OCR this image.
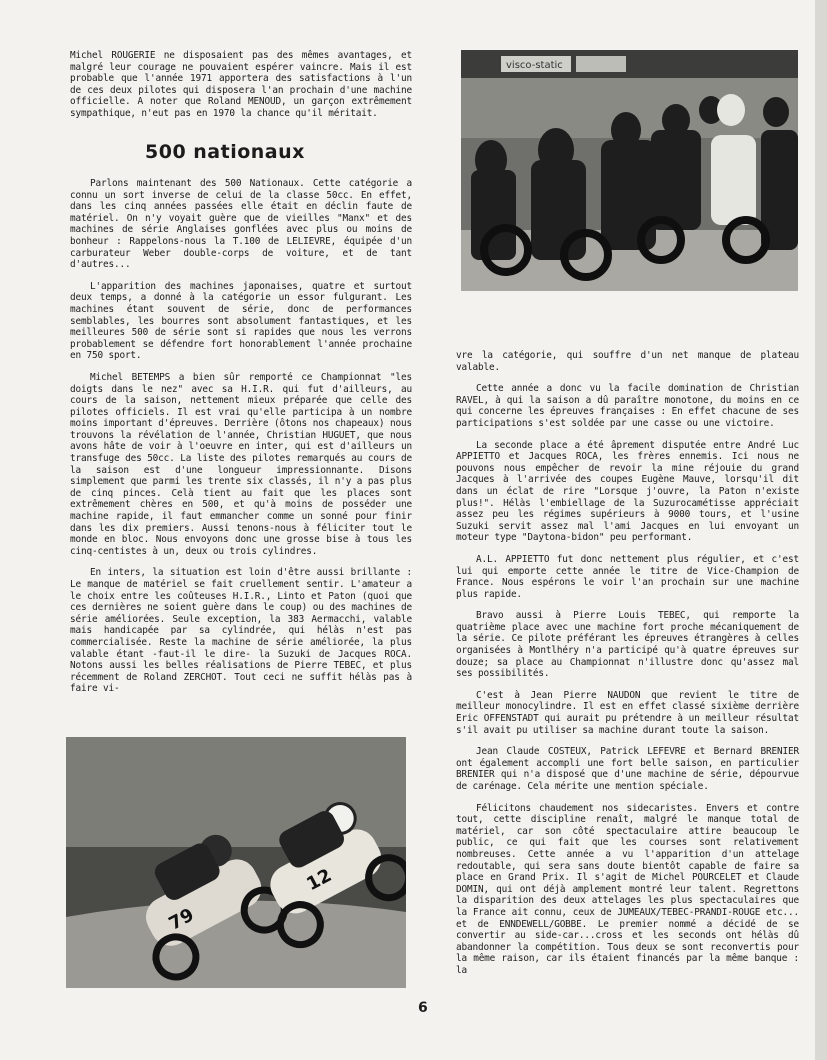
Michel ROUGERIE ne disposaient pas des mêmes avantages, et malgré leur courage ne pouvaient espérer vaincre. Mais il est probable que l'année 1971 apportera des satisfactions à l'un de ces deux pilotes qui disposera l'an prochain d'une machine officielle. A noter que Roland MENOUD, un garçon extrêmement sympathique, n'eut pas en 1970 la chance qu'il méritait.

500 nationaux

Parlons maintenant des 500 Nationaux. Cette catégorie a connu un sort inverse de celui de la classe 50cc. En effet, dans les cinq années passées elle était en déclin faute de matériel. On n'y voyait guère que de vieilles "Manx" et des machines de série Anglaises gonflées avec plus ou moins de bonheur : Rappelons-nous la T.100 de LELIEVRE, équipée d'un carburateur Weber double-corps de voiture, et de tant d'autres...

L'apparition des machines japonaises, quatre et surtout deux temps, a donné à la catégorie un essor fulgurant. Les machines étant souvent de série, donc de performances semblables, les bourres sont absolument fantastiques, et les meilleures 500 de série sont si rapides que nous les verrons probablement se défendre fort honorablement l'année prochaine en 750 sport.

Michel BETEMPS a bien sûr remporté ce Championnat "les doigts dans le nez" avec sa H.I.R. qui fut d'ailleurs, au cours de la saison, nettement mieux préparée que celle des pilotes officiels. Il est vrai qu'elle participa à un nombre moins important d'épreuves. Derrière (ôtons nos chapeaux) nous trouvons la révélation de l'année, Christian HUGUET, que nous avons hâte de voir à l'oeuvre en inter, qui est d'ailleurs un transfuge des 50cc. La liste des pilotes remarqués au cours de la saison est d'une longueur impressionnante. Disons simplement que parmi les trente six classés, il n'y a pas plus de cinq pinces. Celà tient au fait que les places sont extrêmement chères en 500, et qu'à moins de posséder une machine rapide, il faut emmancher comme un sonné pour finir dans les dix premiers. Aussi tenons-nous à féliciter tout le monde en bloc. Nous envoyons donc une grosse bise à tous les cinq-centistes à un, deux ou trois cylindres.

En inters, la situation est loin d'être aussi brillante : Le manque de matériel se fait cruellement sentir. L'amateur a le choix entre les coûteuses H.I.R., Linto et Paton (quoi que ces dernières ne soient guère dans le coup) ou des machines de série améliorées. Seule exception, la 383 Aermacchi, valable mais handicapée par sa cylindrée, qui hélàs n'est pas commercialisée. Reste la machine de série améliorée, la plus valable étant -faut-il le dire- la Suzuki de Jacques ROCA. Notons aussi les belles réalisations de Pierre TEBEC, et plus récemment de Roland ZERCHOT. Tout ceci ne suffit hélàs pas à faire vi-

visco-static

vre la catégorie, qui souffre d'un net manque de plateau valable.

Cette année a donc vu la facile domination de Christian RAVEL, à qui la saison a dû paraître monotone, du moins en ce qui concerne les épreuves françaises : En effet chacune de ses participations s'est soldée par une casse ou une victoire.

La seconde place a été âprement disputée entre André Luc APPIETTO et Jacques ROCA, les frères ennemis. Ici nous ne pouvons nous empêcher de revoir la mine réjouie du grand Jacques à l'arrivée des coupes Eugène Mauve, lorsqu'il dit dans un éclat de rire "Lorsque j'ouvre, la Paton n'existe plus!". Hélàs l'embiellage de la Suzurocamétisse appréciait assez peu les régimes supérieurs à 9000 tours, et l'usine Suzuki servit assez mal l'ami Jacques en lui envoyant un moteur type "Daytona-bidon" peu performant.

A.L. APPIETTO fut donc nettement plus régulier, et c'est lui qui emporte cette année le titre de Vice-Champion de France. Nous espérons le voir l'an prochain sur une machine plus rapide.

Bravo aussi à Pierre Louis TEBEC, qui remporte la quatrième place avec une machine fort proche mécaniquement de la série. Ce pilote préférant les épreuves étrangères à celles organisées à Montlhéry n'a participé qu'à quatre épreuves sur douze; sa place au Championnat n'illustre donc qu'assez mal ses possibilités.

C'est à Jean Pierre NAUDON que revient le titre de meilleur monocylindre. Il est en effet classé sixième derrière Eric OFFENSTADT qui aurait pu prétendre à un meilleur résultat s'il avait pu utiliser sa machine durant toute la saison.

Jean Claude COSTEUX, Patrick LEFEVRE et Bernard BRENIER ont également accompli une fort belle saison, en particulier BRENIER qui n'a disposé que d'une machine de série, dépourvue de carénage. Cela mérite une mention spéciale.

Félicitons chaudement nos sidecaristes. Envers et contre tout, cette discipline renaît, malgré le manque total de matériel, car son côté spectaculaire attire beaucoup le public, ce qui fait que les courses sont relativement nombreuses. Cette année a vu l'apparition d'un attelage redoutable, qui sera sans doute bientôt capable de faire sa place en Grand Prix. Il s'agit de Michel POURCELET et Claude DOMIN, qui ont déjà amplement montré leur talent. Regrettons la disparition des deux attelages les plus spectaculaires que la France ait connu, ceux de JUMEAUX/TEBEC-PRANDI-ROUGE etc... et de ENNDEWELL/GOBBE. Le premier nommé a décidé de se convertir au side-car...cross et les seconds ont hélàs dû abandonner la compétition. Tous deux se sont reconvertis pour la même raison, car ils étaient financés par la même banque : la

79
12
6
